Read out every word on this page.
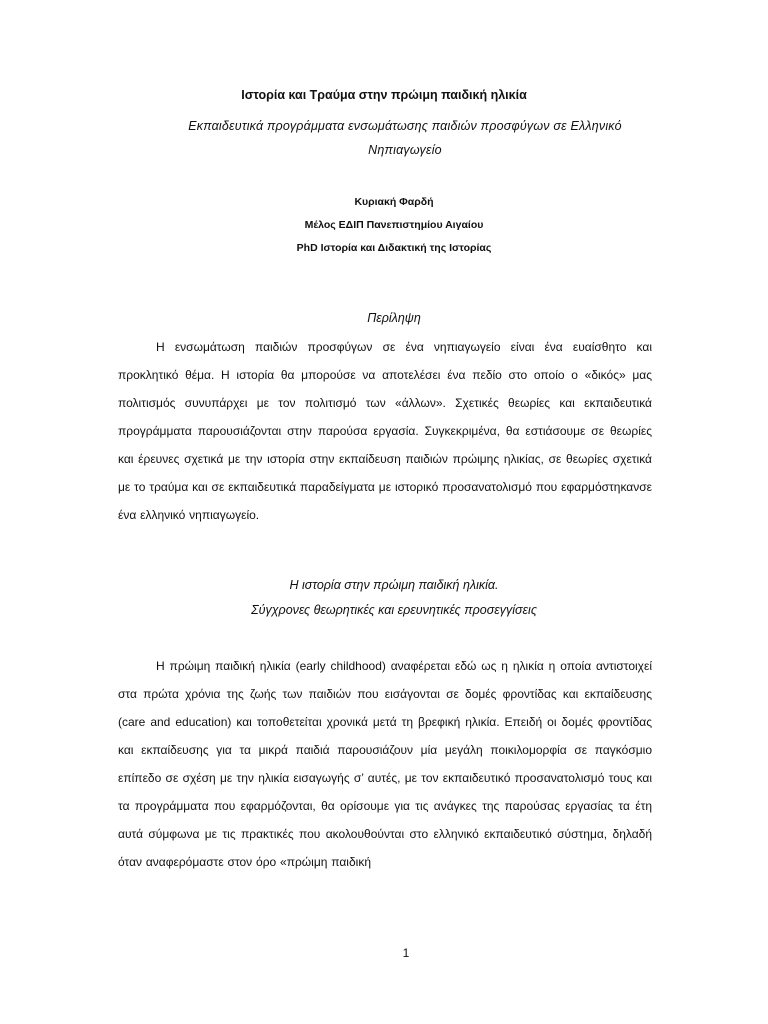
Ιστορία και Τραύμα στην πρώιμη παιδική ηλικία
Εκπαιδευτικά προγράμματα ενσωμάτωσης παιδιών προσφύγων σε Ελληνικό Νηπιαγωγείο
Κυριακή Φαρδή
Μέλος ΕΔΙΠ Πανεπιστημίου Αιγαίου
PhD Ιστορία και Διδακτική της Ιστορίας
Περίληψη

Η ενσωμάτωση παιδιών προσφύγων σε ένα νηπιαγωγείο είναι ένα ευαίσθητο και προκλητικό θέμα. Η ιστορία θα μπορούσε να αποτελέσει ένα πεδίο στο οποίο ο «δικός» μας πολιτισμός συνυπάρχει με τον πολιτισμό των «άλλων». Σχετικές θεωρίες και εκπαιδευτικά προγράμματα παρουσιάζονται στην παρούσα εργασία. Συγκεκριμένα, θα εστιάσουμε σε θεωρίες και έρευνες σχετικά με την ιστορία στην εκπαίδευση παιδιών πρώιμης ηλικίας, σε θεωρίες σχετικά με το τραύμα και σε εκπαιδευτικά παραδείγματα με ιστορικό προσανατολισμό που εφαρμόστηκανσε ένα ελληνικό νηπιαγωγείο.

Η ιστορία στην πρώιμη παιδική ηλικία.
Σύγχρονες θεωρητικές και ερευνητικές προσεγγίσεις

Η πρώιμη παιδική ηλικία (early childhood) αναφέρεται εδώ ως η ηλικία η οποία αντιστοιχεί στα πρώτα χρόνια της ζωής των παιδιών που εισάγονται σε δομές φροντίδας και εκπαίδευσης (care and education) και τοποθετείται χρονικά μετά τη βρεφική ηλικία. Επειδή οι δομές φροντίδας και εκπαίδευσης για τα μικρά παιδιά παρουσιάζουν μία μεγάλη ποικιλομορφία σε παγκόσμιο επίπεδο σε σχέση με την ηλικία εισαγωγής σ’ αυτές, με τον εκπαιδευτικό προσανατολισμό τους και τα προγράμματα που εφαρμόζονται, θα ορίσουμε για τις ανάγκες της παρούσας εργασίας τα έτη αυτά σύμφωνα με τις πρακτικές που ακολουθούνται στο ελληνικό εκπαιδευτικό σύστημα, δηλαδή όταν αναφερόμαστε στον όρο «πρώιμη παιδική

1
